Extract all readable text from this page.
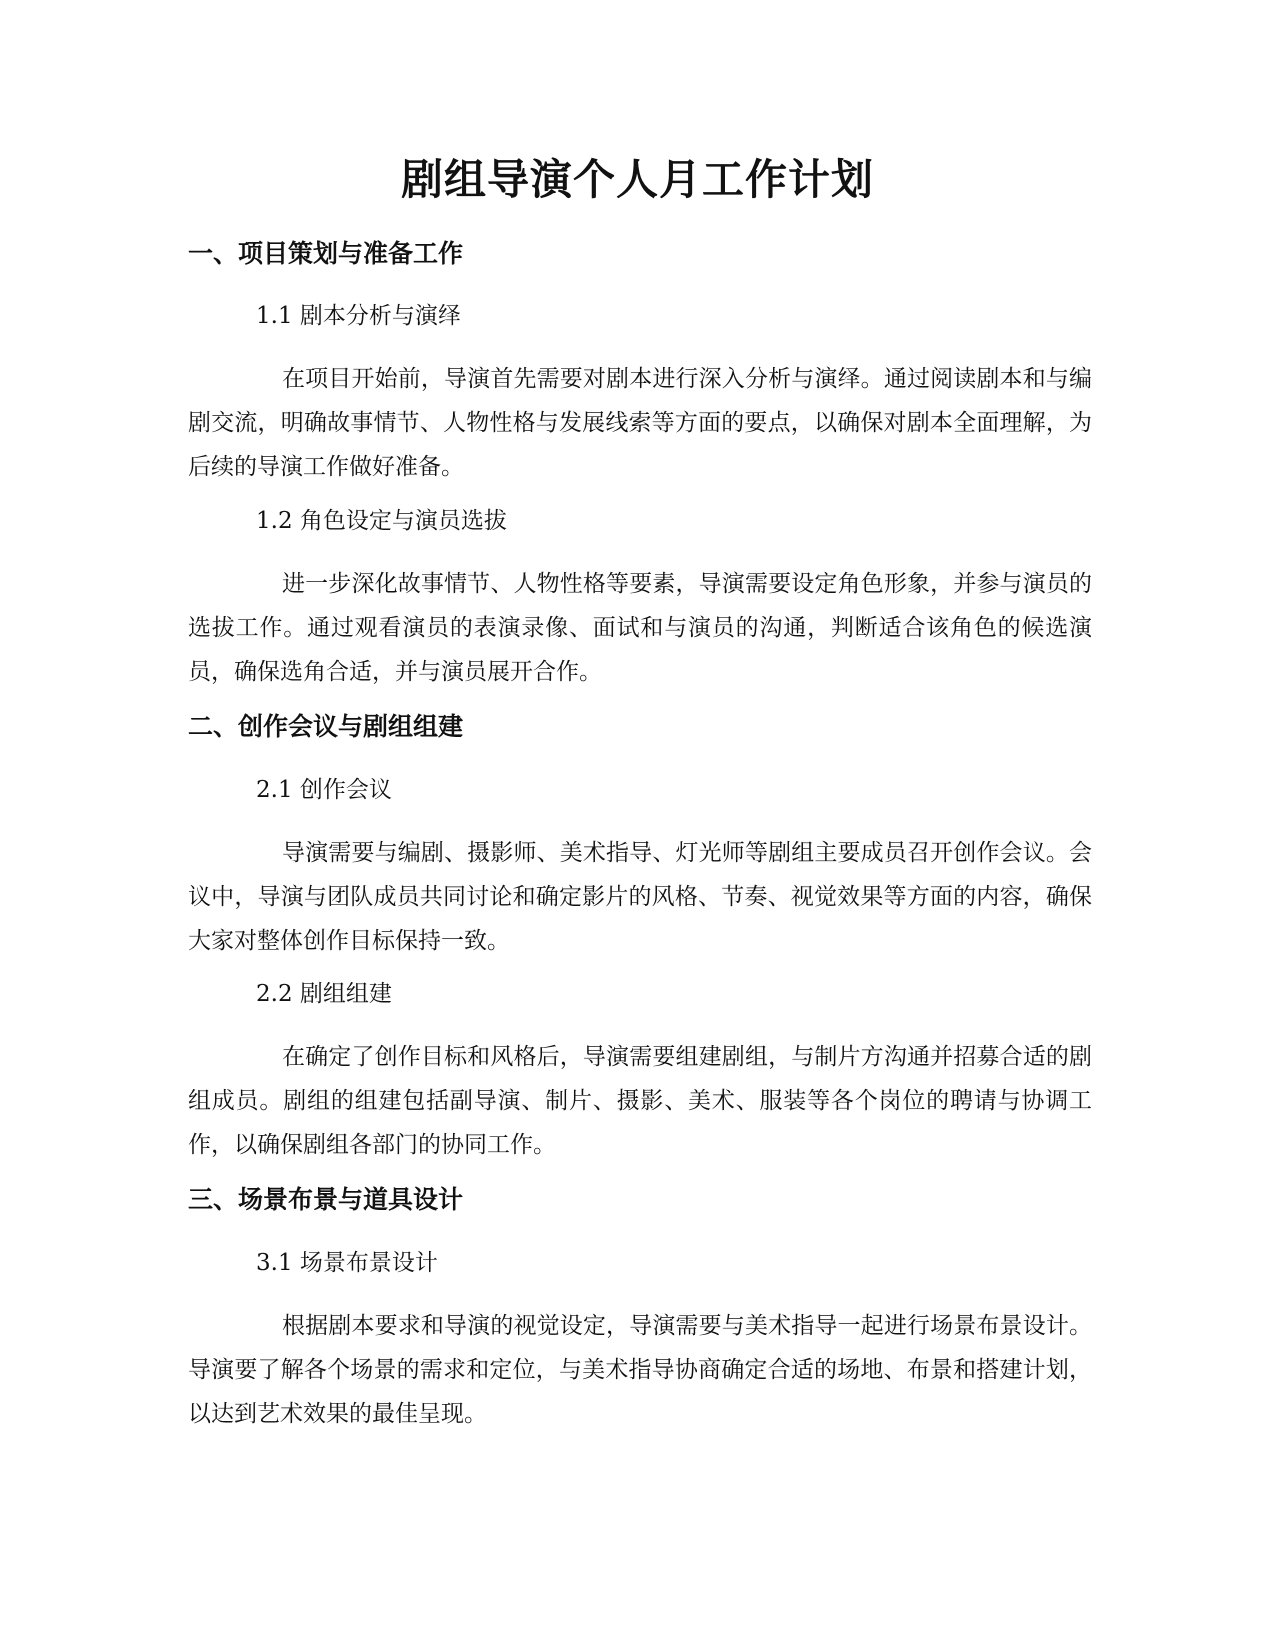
剧组导演个人月工作计划
一、项目策划与准备工作
1.1 剧本分析与演绎

在项目开始前，导演首先需要对剧本进行深入分析与演绎。通过阅读剧本和与编剧交流，明确故事情节、人物性格与发展线索等方面的要点，以确保对剧本全面理解，为后续的导演工作做好准备。

1.2 角色设定与演员选拔

进一步深化故事情节、人物性格等要素，导演需要设定角色形象，并参与演员的选拔工作。通过观看演员的表演录像、面试和与演员的沟通，判断适合该角色的候选演员，确保选角合适，并与演员展开合作。

二、创作会议与剧组组建
2.1 创作会议

导演需要与编剧、摄影师、美术指导、灯光师等剧组主要成员召开创作会议。会议中，导演与团队成员共同讨论和确定影片的风格、节奏、视觉效果等方面的内容，确保大家对整体创作目标保持一致。

2.2 剧组组建

在确定了创作目标和风格后，导演需要组建剧组，与制片方沟通并招募合适的剧组成员。剧组的组建包括副导演、制片、摄影、美术、服装等各个岗位的聘请与协调工作，以确保剧组各部门的协同工作。

三、场景布景与道具设计
3.1 场景布景设计

根据剧本要求和导演的视觉设定，导演需要与美术指导一起进行场景布景设计。导演要了解各个场景的需求和定位，与美术指导协商确定合适的场地、布景和搭建计划，以达到艺术效果的最佳呈现。
